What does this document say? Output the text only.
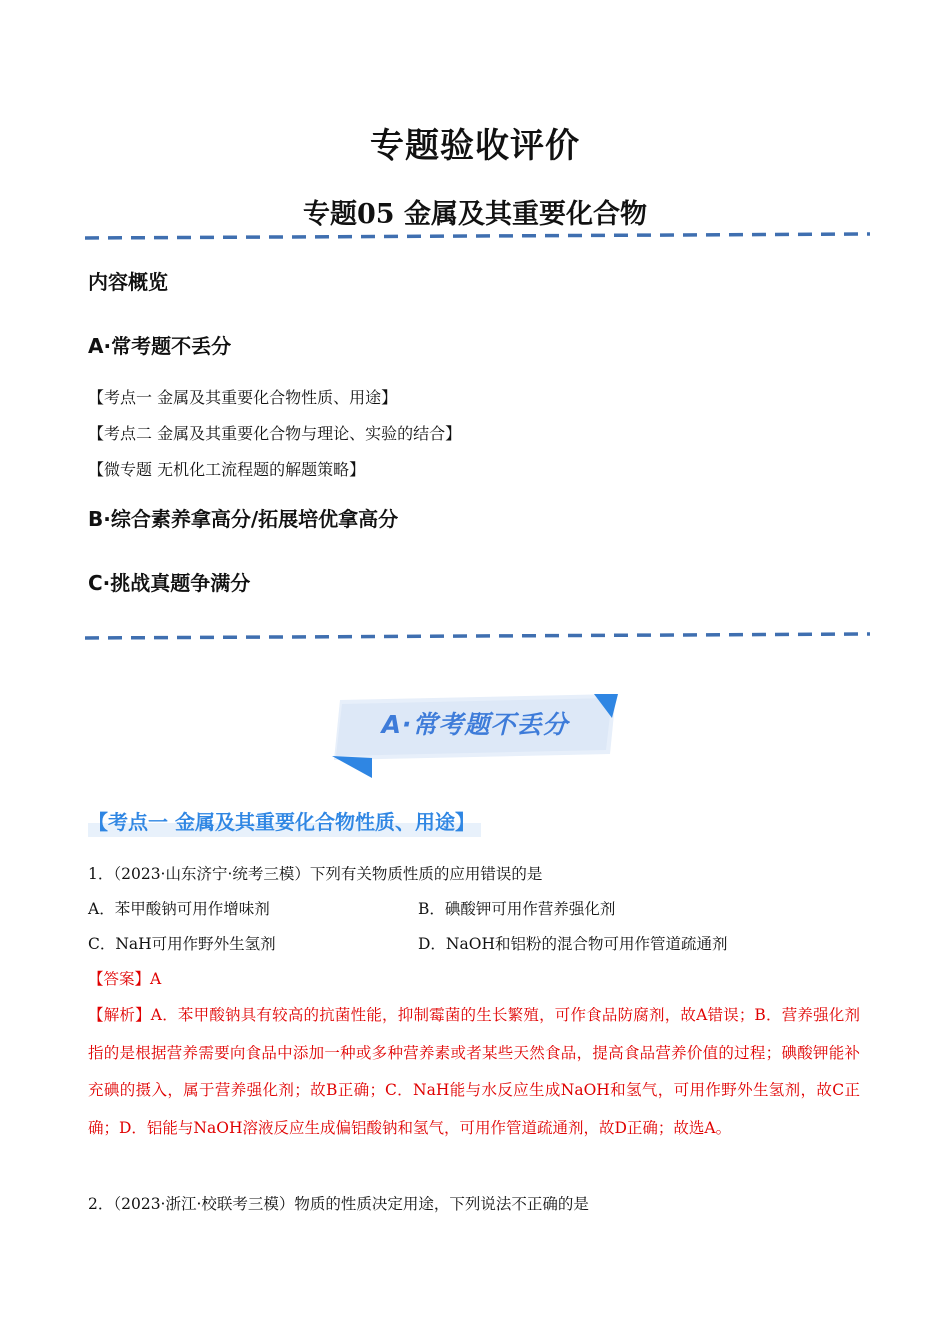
专题验收评价
专题05 金属及其重要化合物
内容概览
A·常考题不丢分
【考点一 金属及其重要化合物性质、用途】
【考点二 金属及其重要化合物与理论、实验的结合】
【微专题 无机化工流程题的解题策略】
B·综合素养拿高分/拓展培优拿高分
C·挑战真题争满分
A·常考题不丢分
【考点一 金属及其重要化合物性质、用途】
1．（2023·山东济宁·统考三模）下列有关物质性质的应用错误的是
A．苯甲酸钠可用作增味剂	B．碘酸钾可用作营养强化剂
C．NaH可用作野外生氢剂	D．NaOH和铝粉的混合物可用作管道疏通剂
【答案】A
【解析】A．苯甲酸钠具有较高的抗菌性能，抑制霉菌的生长繁殖，可作食品防腐剂，故A错误；B．营养强化剂指的是根据营养需要向食品中添加一种或多种营养素或者某些天然食品，提高食品营养价值的过程；碘酸钾能补充碘的摄入，属于营养强化剂；故B正确；C．NaH能与水反应生成NaOH和氢气，可用作野外生氢剂，故C正确；D．铝能与NaOH溶液反应生成偏铝酸钠和氢气，可用作管道疏通剂，故D正确；故选A。
2．（2023·浙江·校联考三模）物质的性质决定用途，下列说法不正确的是
